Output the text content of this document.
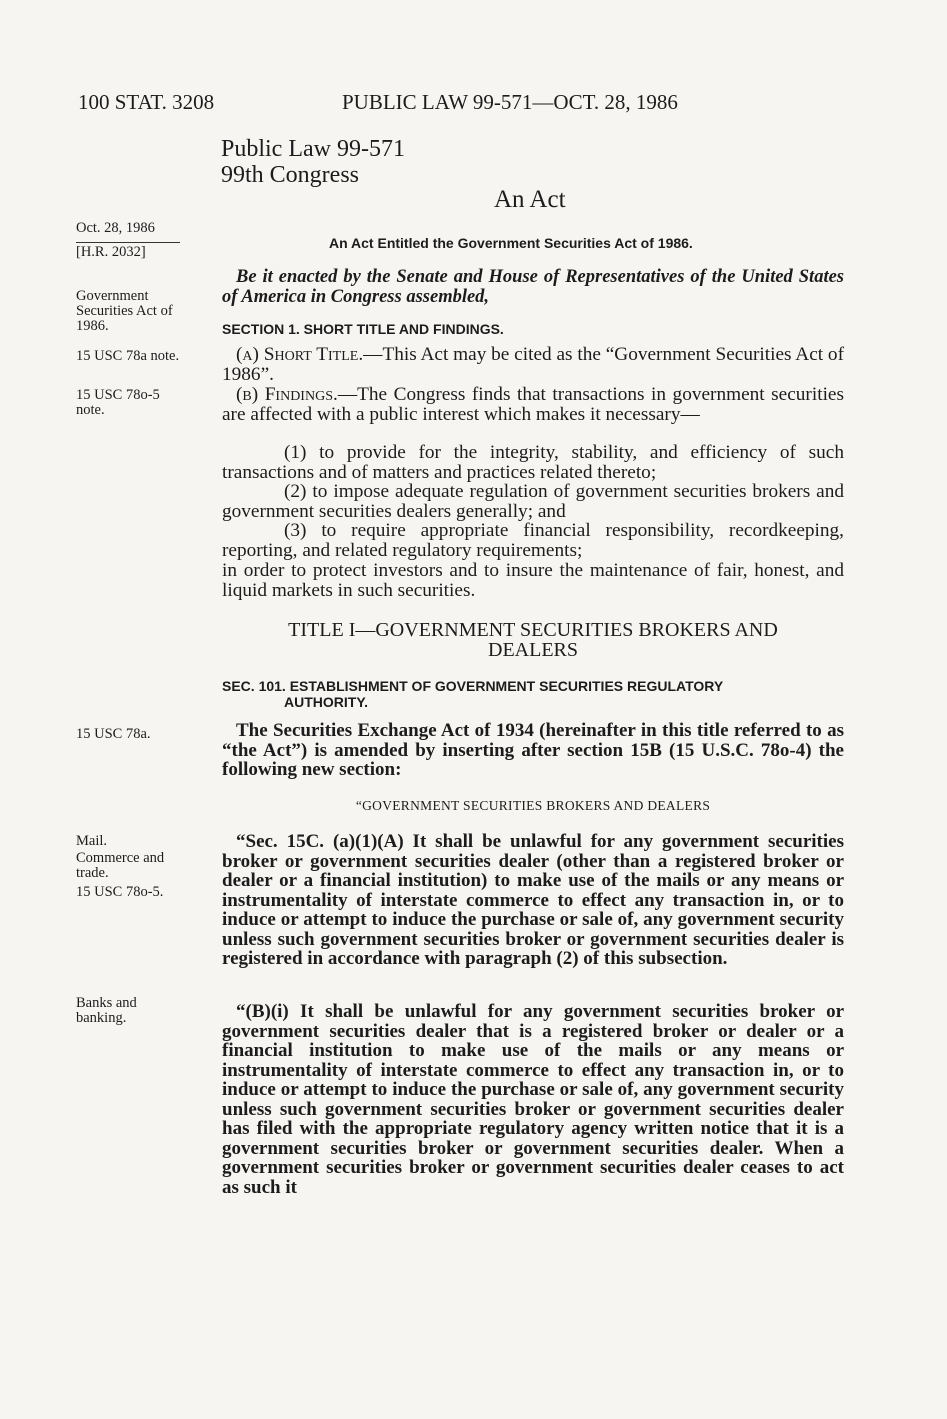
100 STAT. 3208	PUBLIC LAW 99-571—OCT. 28, 1986
Public Law 99-571
99th Congress
An Act
Oct. 28, 1986
[H.R. 2032]
Government Securities Act of 1986.
15 USC 78a note.
15 USC 78o-5 note.
15 USC 78a.
Mail.
Commerce and trade.
15 USC 78o-5.
Banks and banking.
An Act Entitled the Government Securities Act of 1986.
Be it enacted by the Senate and House of Representatives of the United States of America in Congress assembled,
SECTION 1. SHORT TITLE AND FINDINGS.
(a) Short Title.—This Act may be cited as the “Government Securities Act of 1986”.
(b) Findings.—The Congress finds that transactions in government securities are affected with a public interest which makes it necessary—

(1) to provide for the integrity, stability, and efficiency of such transactions and of matters and practices related thereto;

(2) to impose adequate regulation of government securities brokers and government securities dealers generally; and

(3) to require appropriate financial responsibility, recordkeeping, reporting, and related regulatory requirements;

in order to protect investors and to insure the maintenance of fair, honest, and liquid markets in such securities.
TITLE I—GOVERNMENT SECURITIES BROKERS AND
DEALERS
SEC. 101. ESTABLISHMENT OF GOVERNMENT SECURITIES REGULATORY
AUTHORITY.
The Securities Exchange Act of 1934 (hereinafter in this title referred to as “the Act”) is amended by inserting after section 15B (15 U.S.C. 78o-4) the following new section:
“GOVERNMENT SECURITIES BROKERS AND DEALERS
“Sec. 15C. (a)(1)(A) It shall be unlawful for any government securities broker or government securities dealer (other than a registered broker or dealer or a financial institution) to make use of the mails or any means or instrumentality of interstate commerce to effect any transaction in, or to induce or attempt to induce the purchase or sale of, any government security unless such government securities broker or government securities dealer is registered in accordance with paragraph (2) of this subsection.
“(B)(i) It shall be unlawful for any government securities broker or government securities dealer that is a registered broker or dealer or a financial institution to make use of the mails or any means or instrumentality of interstate commerce to effect any transaction in, or to induce or attempt to induce the purchase or sale of, any government security unless such government securities broker or government securities dealer has filed with the appropriate regulatory agency written notice that it is a government securities broker or government securities dealer. When a government securities broker or government securities dealer ceases to act as such it
